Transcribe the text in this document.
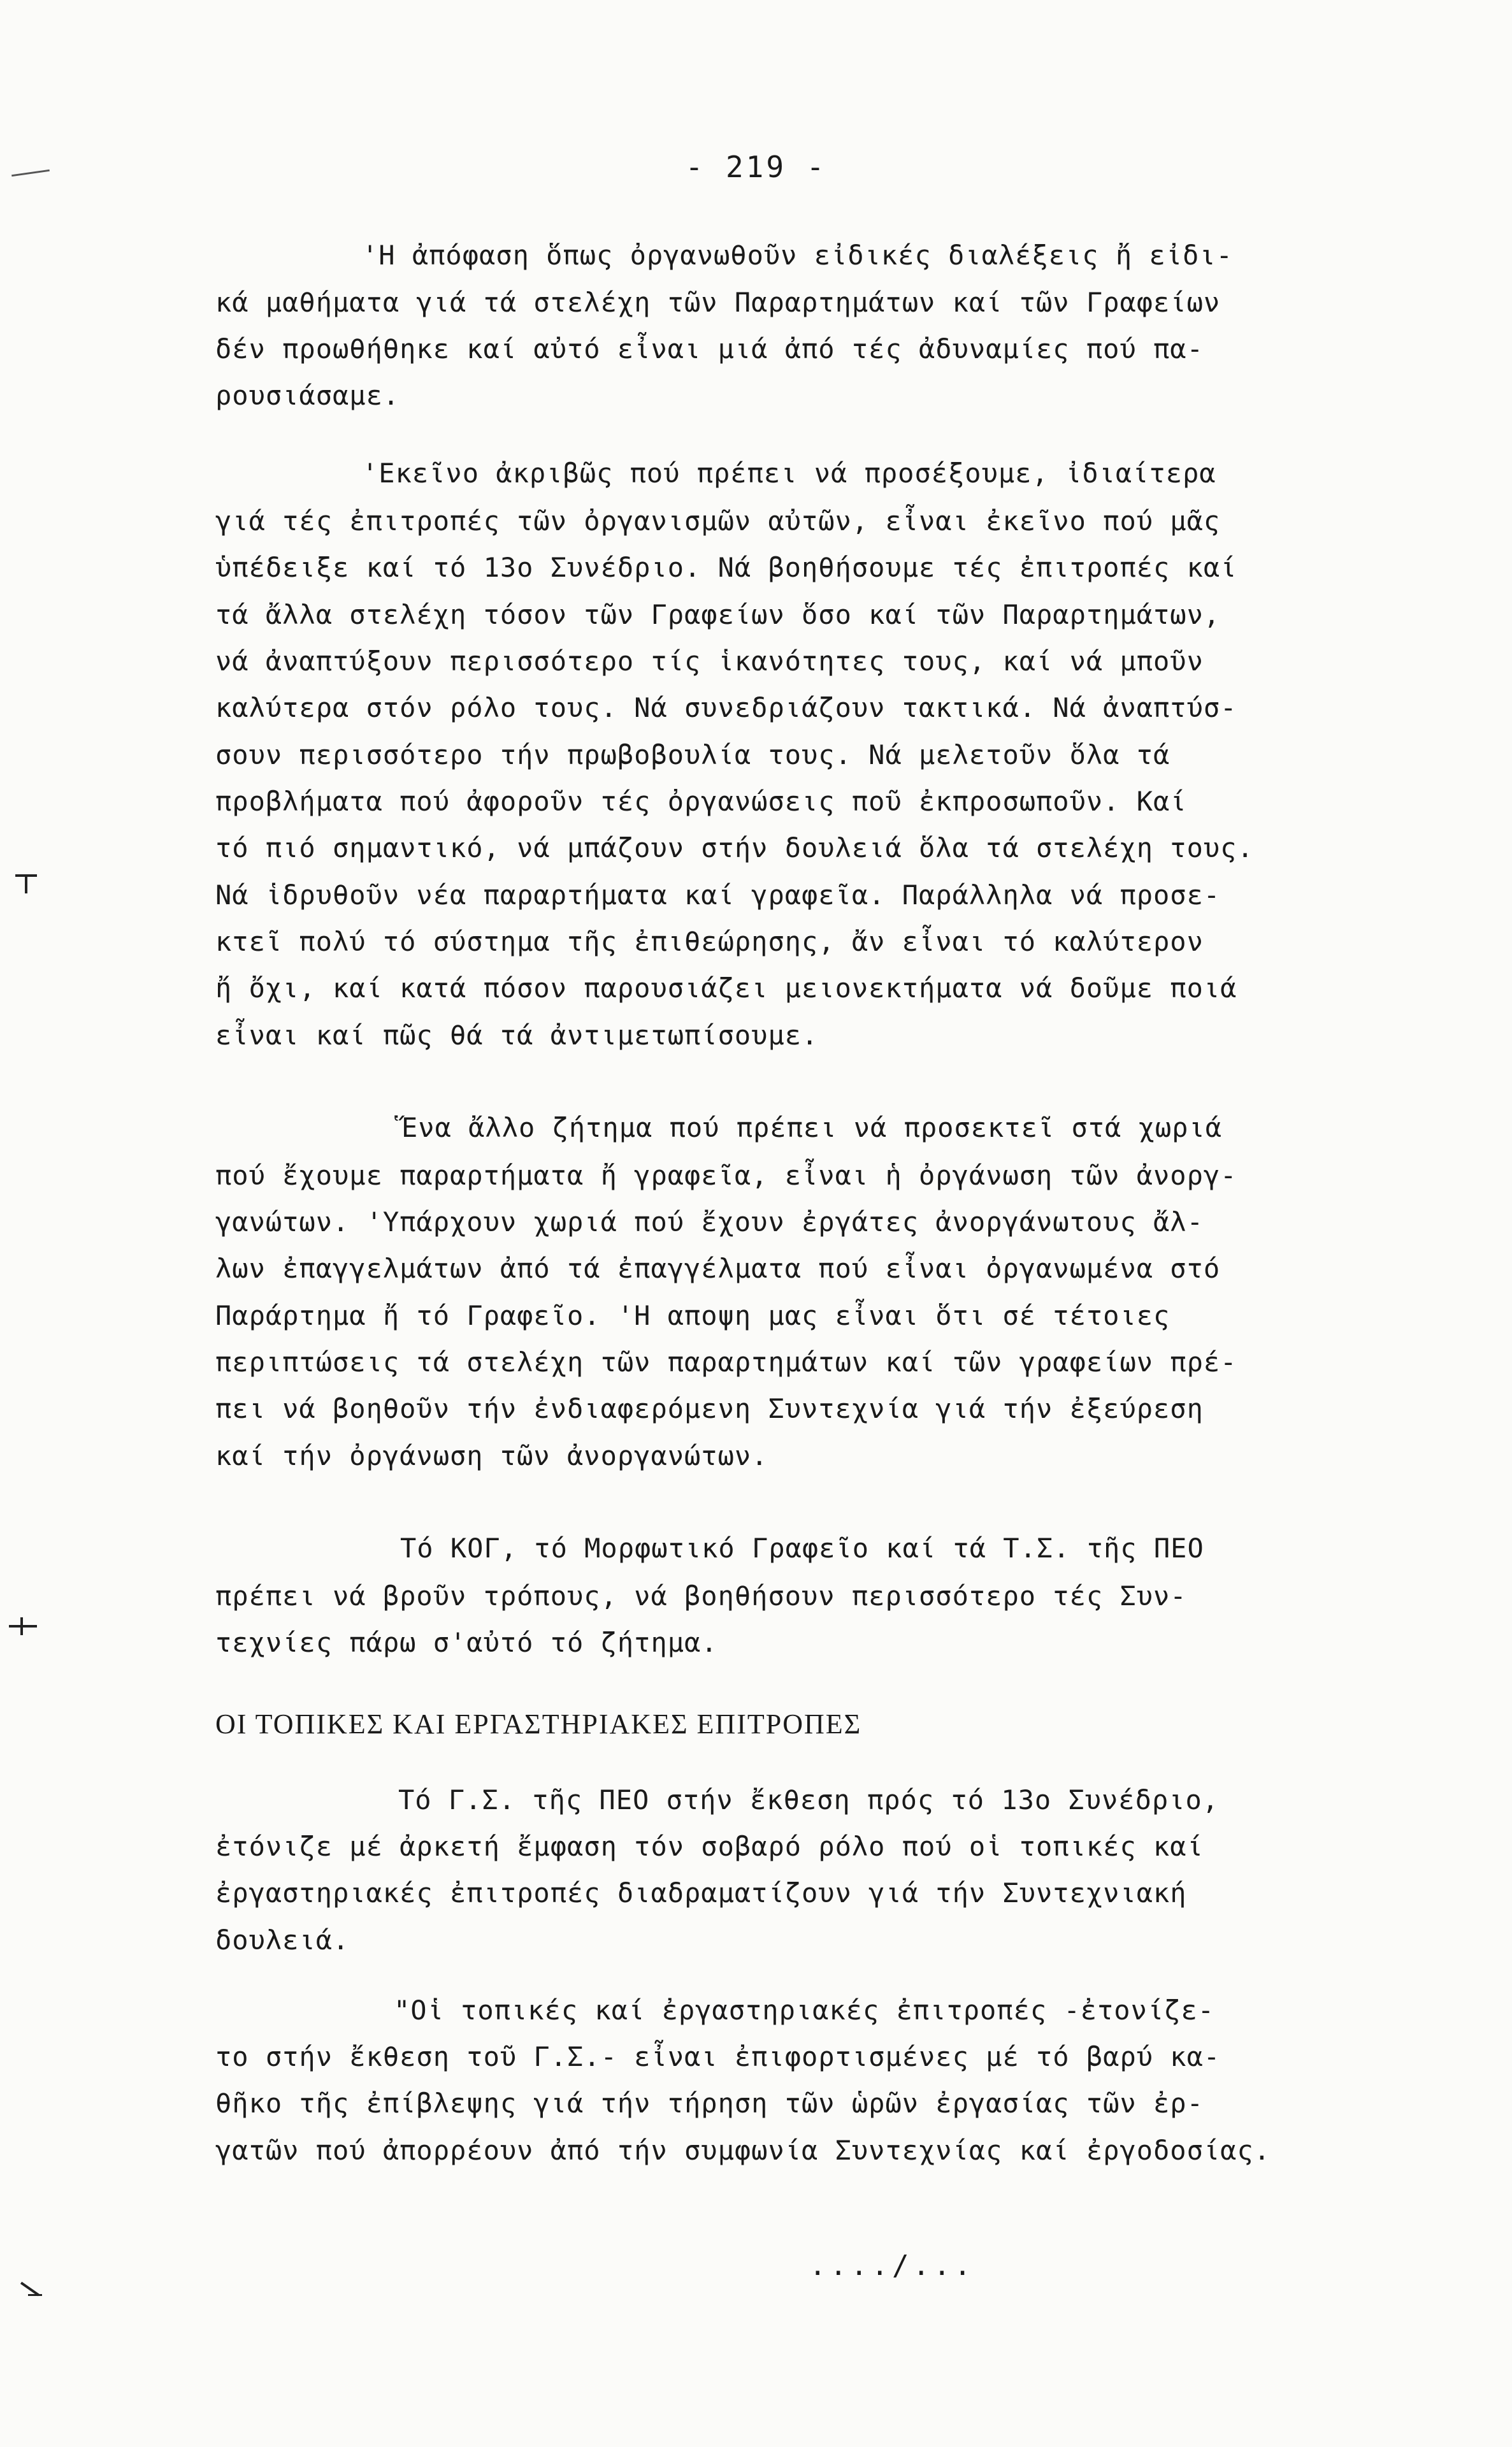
- 219 -
'Η ἀπόφαση ὅπως ὀργανωθοῦν εἰδικές διαλέξεις ἤ εἰδι-
κά μαθήματα γιά τά στελέχη τῶν Παραρτημάτων καί τῶν Γραφείων
δέν προωθήθηκε καί αὐτό εἶναι μιά ἀπό τές ἀδυναμίες πού πα-
ρουσιάσαμε.
'Εκεῖνο ἀκριβῶς πού πρέπει νά προσέξουμε, ἰδιαίτερα
γιά τές ἐπιτροπές τῶν ὀργανισμῶν αὐτῶν, εἶναι ἐκεῖνο πού μᾶς
ὑπέδειξε καί τό 13ο Συνέδριο. Νά βοηθήσουμε τές ἐπιτροπές καί
τά ἄλλα στελέχη τόσον τῶν Γραφείων ὅσο καί τῶν Παραρτημάτων,
νά ἀναπτύξουν περισσότερο τίς ἱκανότητες τους, καί νά μποῦν
καλύτερα στόν ρόλο τους. Νά συνεδριάζουν τακτικά. Νά ἀναπτύσ-
σουν περισσότερο τήν πρωβοβουλία τους. Νά μελετοῦν ὅλα τά
προβλήματα πού ἀφοροῦν τές ὀργανώσεις ποῦ ἐκπροσωποῦν. Καί
τό πιό σημαντικό, νά μπάζουν στήν δουλειά ὅλα τά στελέχη τους.
Νά ἱδρυθοῦν νέα παραρτήματα καί γραφεῖα. Παράλληλα νά προσε-
κτεῖ πολύ τό σύστημα τῆς ἐπιθεώρησης, ἄν εἶναι τό καλύτερον
ἤ ὄχι, καί κατά πόσον παρουσιάζει μειονεκτήματα νά δοῦμε ποιά
εἶναι καί πῶς θά τά ἀντιμετωπίσουμε.
Ἕνα ἄλλο ζήτημα πού πρέπει νά προσεκτεῖ στά χωριά
πού ἔχουμε παραρτήματα ἤ γραφεῖα, εἶναι ἡ ὀργάνωση τῶν ἀνοργ-
γανώτων. 'Υπάρχουν χωριά πού ἔχουν ἐργάτες ἀνοργάνωτους ἄλ-
λων ἐπαγγελμάτων ἀπό τά ἐπαγγέλματα πού εἶναι ὀργανωμένα στό
Παράρτημα ἤ τό Γραφεῖο. 'Η αποψη μας εἶναι ὅτι σέ τέτοιες
περιπτώσεις τά στελέχη τῶν παραρτημάτων καί τῶν γραφείων πρέ-
πει νά βοηθοῦν τήν ἐνδιαφερόμενη Συντεχνία γιά τήν ἐξεύρεση
καί τήν ὀργάνωση τῶν ἀνοργανώτων.
Τό ΚΟΓ, τό Μορφωτικό Γραφεῖο καί τά Τ.Σ. τῆς ΠΕΟ
πρέπει νά βροῦν τρόπους, νά βοηθήσουν περισσότερο τές Συν-
τεχνίες πάρω σ'αὐτό τό ζήτημα.
ΟΙ ΤΟΠΙΚΕΣ ΚΑΙ ΕΡΓΑΣΤΗΡΙΑΚΕΣ ΕΠΙΤΡΟΠΕΣ
Τό Γ.Σ. τῆς ΠΕΟ στήν ἔκθεση πρός τό 13ο Συνέδριο,
ἐτόνιζε μέ ἀρκετή ἔμφαση τόν σοβαρό ρόλο πού οἱ τοπικές καί
ἐργαστηριακές ἐπιτροπές διαδραματίζουν γιά τήν Συντεχνιακή
δουλειά.
"Οἱ τοπικές καί ἐργαστηριακές ἐπιτροπές -ἐτονίζε-
το στήν ἔκθεση τοῦ Γ.Σ.- εἶναι ἐπιφορτισμένες μέ τό βαρύ κα-
θῆκο τῆς ἐπίβλεψης γιά τήν τήρηση τῶν ὡρῶν ἐργασίας τῶν ἐρ-
γατῶν πού ἀπορρέουν ἀπό τήν συμφωνία Συντεχνίας καί ἐργοδοσίας.
..../...
